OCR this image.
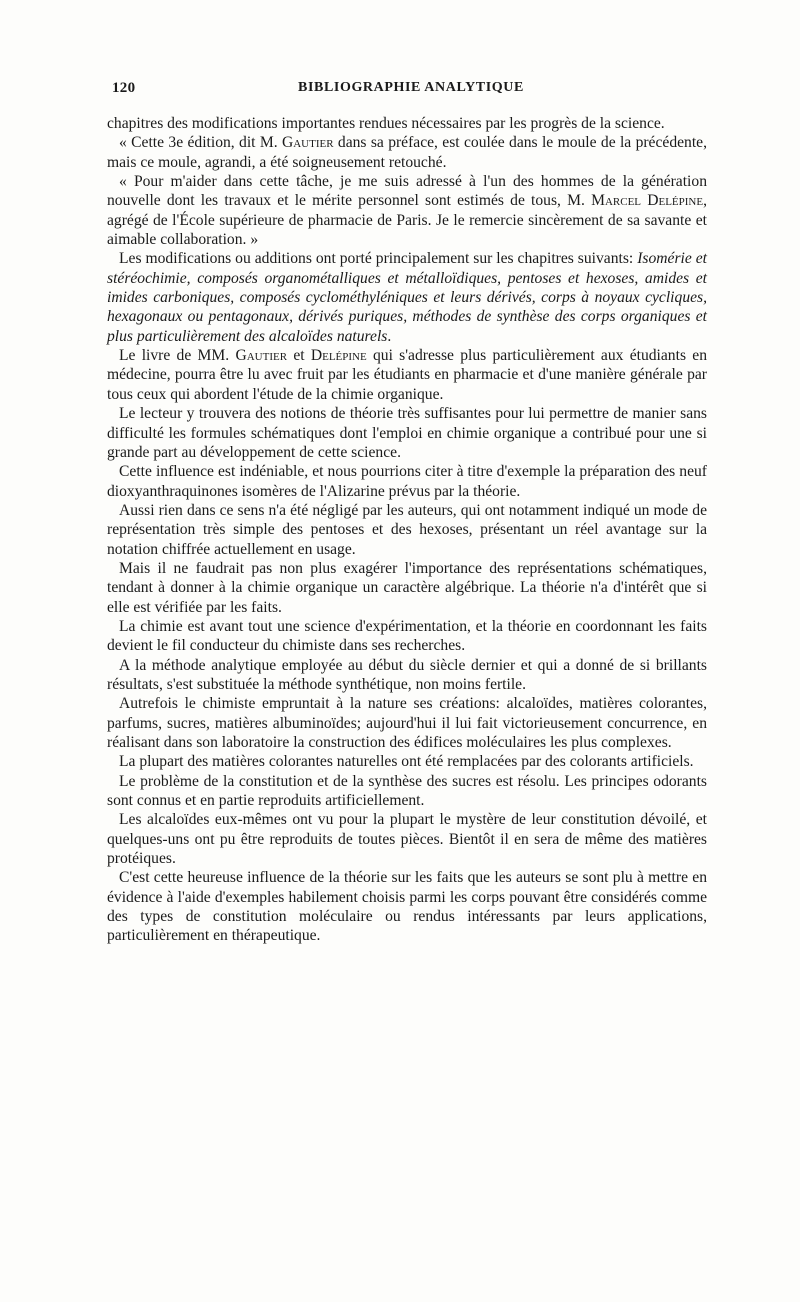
120	BIBLIOGRAPHIE ANALYTIQUE

chapitres des modifications importantes rendues nécessaires par les progrès de la science.

« Cette 3e édition, dit M. Gautier dans sa préface, est coulée dans le moule de la précédente, mais ce moule, agrandi, a été soigneusement retouché.

« Pour m'aider dans cette tâche, je me suis adressé à l'un des hommes de la génération nouvelle dont les travaux et le mérite personnel sont estimés de tous, M. Marcel Delépine, agrégé de l'École supérieure de pharmacie de Paris. Je le remercie sincèrement de sa savante et aimable collaboration. »

Les modifications ou additions ont porté principalement sur les chapitres suivants: Isomérie et stéréochimie, composés organométalliques et métalloïdiques, pentoses et hexoses, amides et imides carboniques, composés cyclométhyléniques et leurs dérivés, corps à noyaux cycliques, hexagonaux ou pentagonaux, dérivés puriques, méthodes de synthèse des corps organiques et plus particulièrement des alcaloïdes naturels.

Le livre de MM. Gautier et Delépine qui s'adresse plus particulièrement aux étudiants en médecine, pourra être lu avec fruit par les étudiants en pharmacie et d'une manière générale par tous ceux qui abordent l'étude de la chimie organique.

Le lecteur y trouvera des notions de théorie très suffisantes pour lui permettre de manier sans difficulté les formules schématiques dont l'emploi en chimie organique a contribué pour une si grande part au développement de cette science.

Cette influence est indéniable, et nous pourrions citer à titre d'exemple la préparation des neuf dioxyanthraquinones isomères de l'Alizarine prévus par la théorie.

Aussi rien dans ce sens n'a été négligé par les auteurs, qui ont notamment indiqué un mode de représentation très simple des pentoses et des hexoses, présentant un réel avantage sur la notation chiffrée actuellement en usage.

Mais il ne faudrait pas non plus exagérer l'importance des représentations schématiques, tendant à donner à la chimie organique un caractère algébrique. La théorie n'a d'intérêt que si elle est vérifiée par les faits.

La chimie est avant tout une science d'expérimentation, et la théorie en coordonnant les faits devient le fil conducteur du chimiste dans ses recherches.

A la méthode analytique employée au début du siècle dernier et qui a donné de si brillants résultats, s'est substituée la méthode synthétique, non moins fertile.

Autrefois le chimiste empruntait à la nature ses créations: alcaloïdes, matières colorantes, parfums, sucres, matières albuminoïdes; aujourd'hui il lui fait victorieusement concurrence, en réalisant dans son laboratoire la construction des édifices moléculaires les plus complexes.

La plupart des matières colorantes naturelles ont été remplacées par des colorants artificiels.

Le problème de la constitution et de la synthèse des sucres est résolu. Les principes odorants sont connus et en partie reproduits artificiellement.

Les alcaloïdes eux-mêmes ont vu pour la plupart le mystère de leur constitution dévoilé, et quelques-uns ont pu être reproduits de toutes pièces. Bientôt il en sera de même des matières protéiques.

C'est cette heureuse influence de la théorie sur les faits que les auteurs se sont plu à mettre en évidence à l'aide d'exemples habilement choisis parmi les corps pouvant être considérés comme des types de constitution moléculaire ou rendus intéressants par leurs applications, particulièrement en thérapeutique.
